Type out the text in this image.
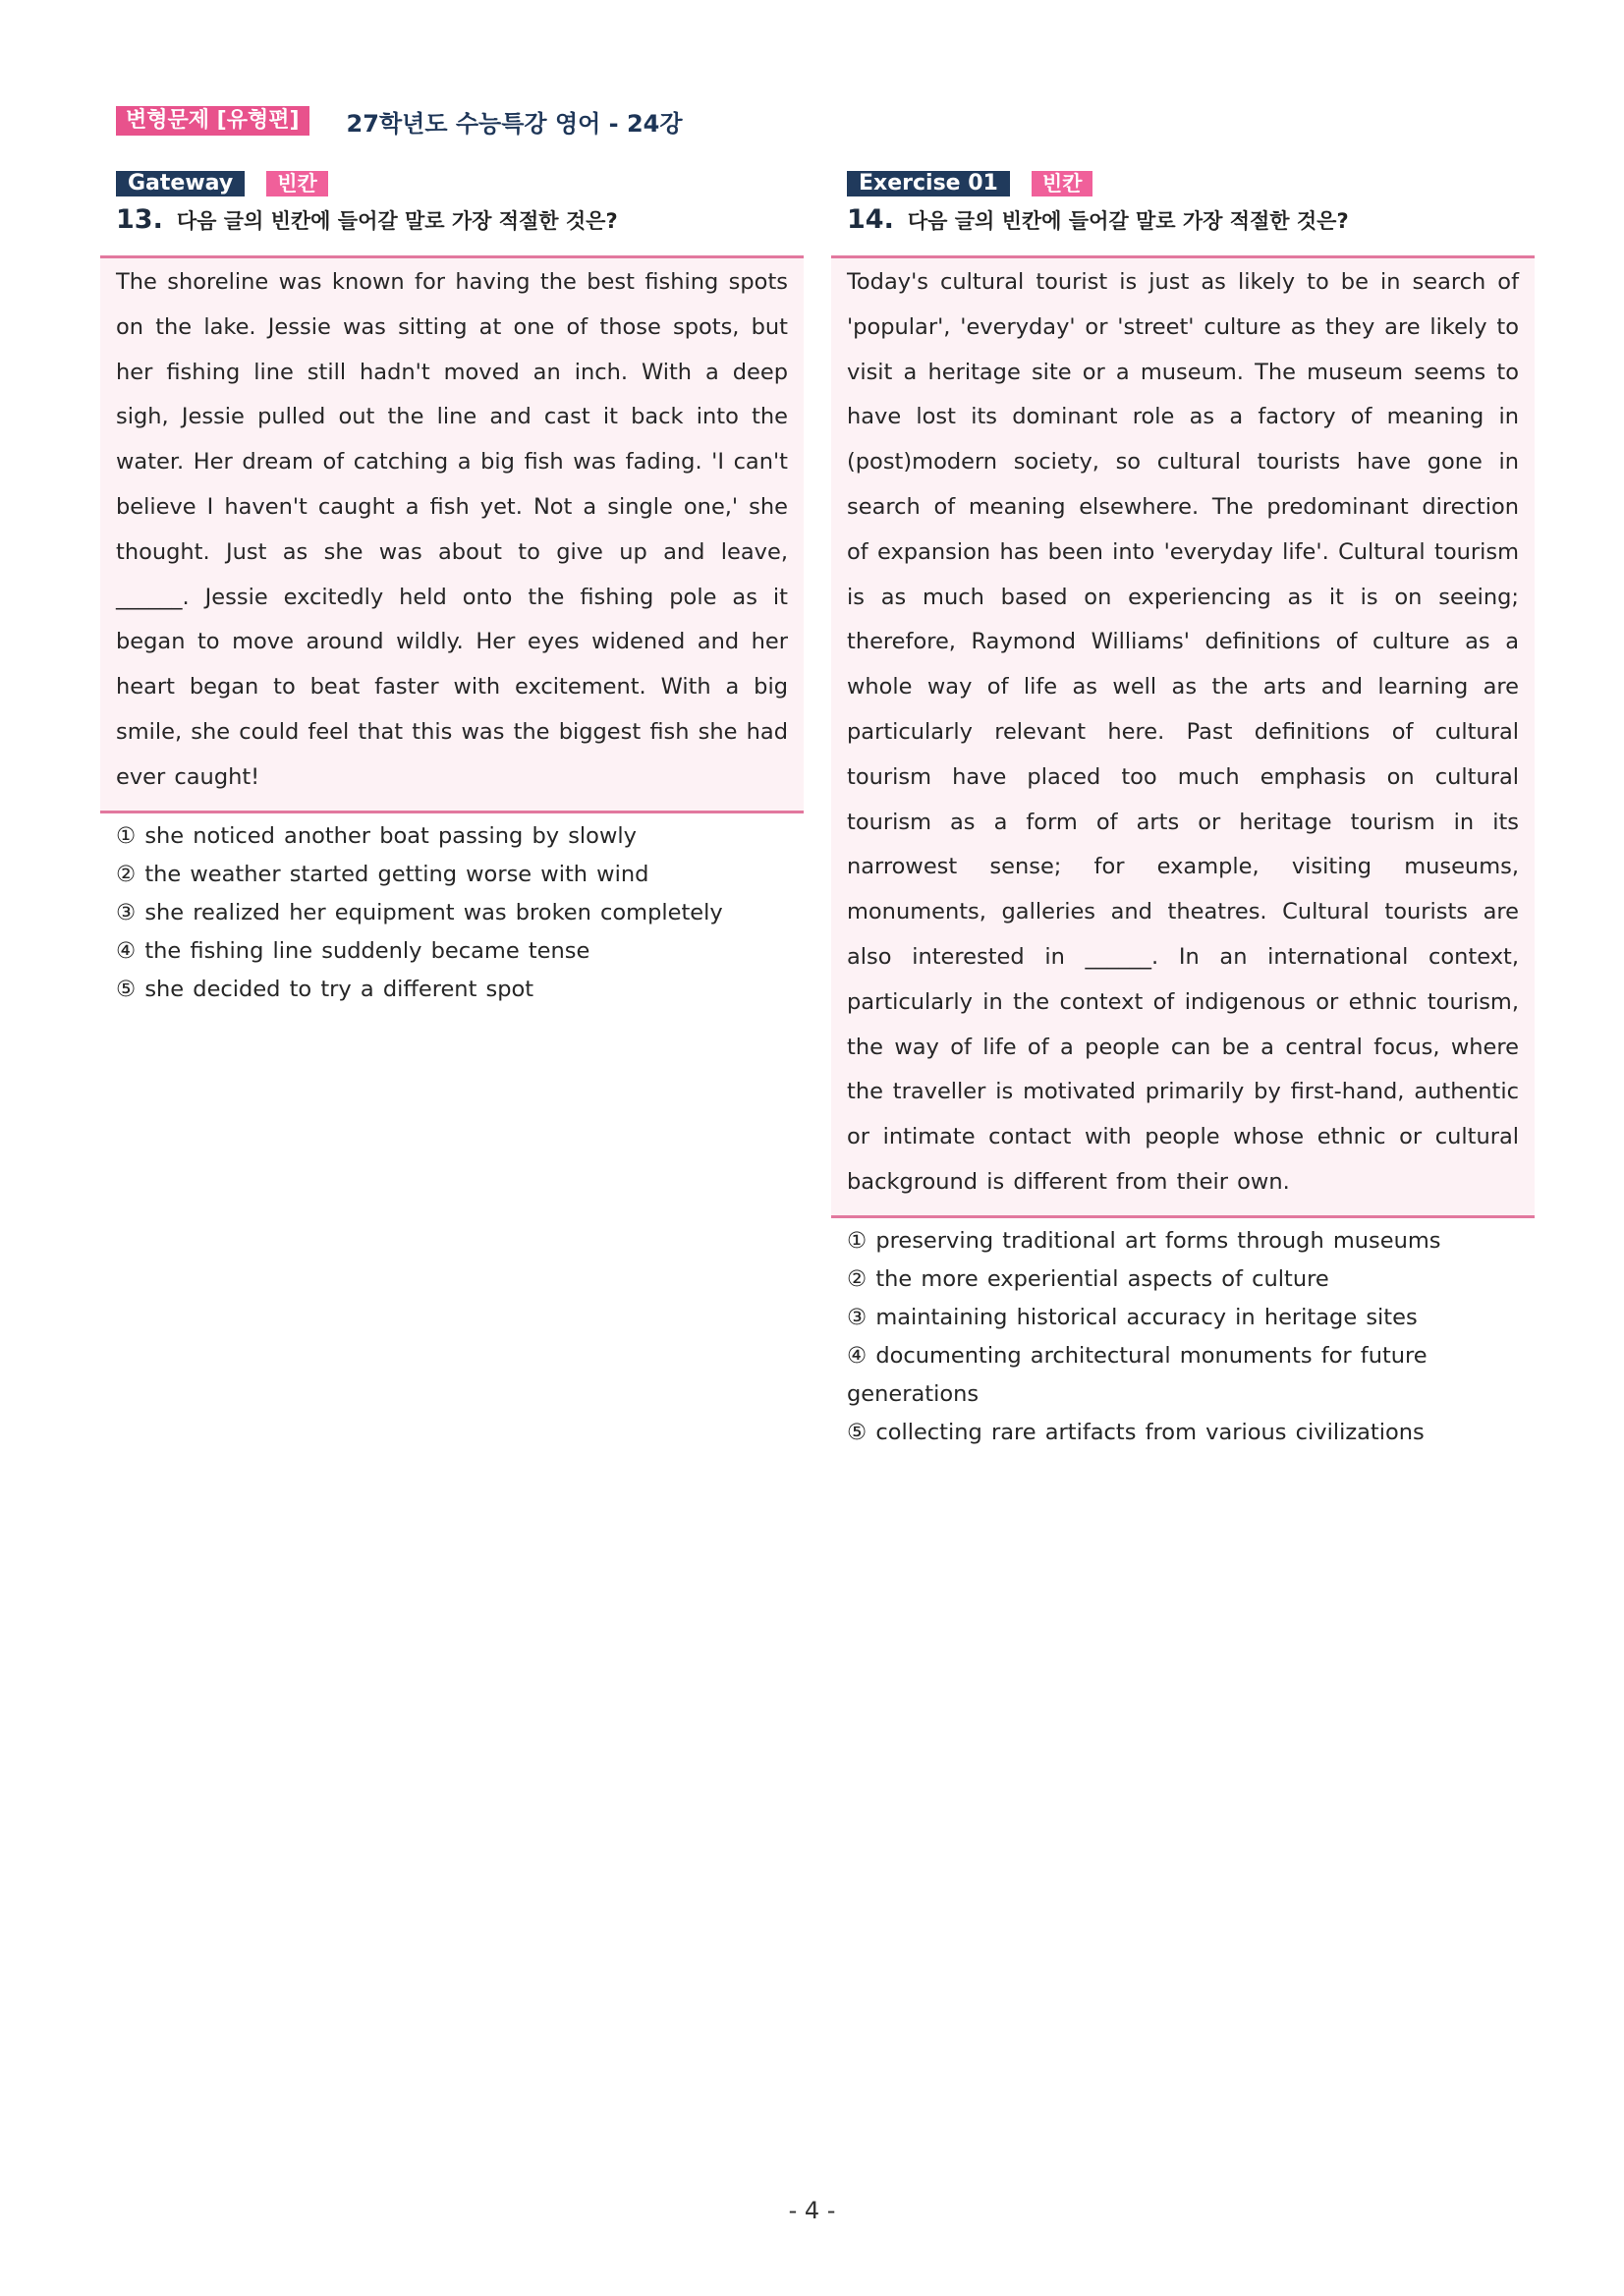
변형문제 [유형편]	27학년도 수능특강 영어 - 24강
Gateway	빈칸
13. 다음 글의 빈칸에 들어갈 말로 가장 적절한 것은?
The shoreline was known for having the best fishing spots on the lake. Jessie was sitting at one of those spots, but her fishing line still hadn't moved an inch. With a deep sigh, Jessie pulled out the line and cast it back into the water. Her dream of catching a big fish was fading. 'I can't believe I haven't caught a fish yet. Not a single one,' she thought. Just as she was about to give up and leave, ______. Jessie excitedly held onto the fishing pole as it began to move around wildly. Her eyes widened and her heart began to beat faster with excitement. With a big smile, she could feel that this was the biggest fish she had ever caught!
① she noticed another boat passing by slowly
② the weather started getting worse with wind
③ she realized her equipment was broken completely
④ the fishing line suddenly became tense
⑤ she decided to try a different spot
Exercise 01	빈칸
14. 다음 글의 빈칸에 들어갈 말로 가장 적절한 것은?
Today's cultural tourist is just as likely to be in search of 'popular', 'everyday' or 'street' culture as they are likely to visit a heritage site or a museum. The museum seems to have lost its dominant role as a factory of meaning in (post)modern society, so cultural tourists have gone in search of meaning elsewhere. The predominant direction of expansion has been into 'everyday life'. Cultural tourism is as much based on experiencing as it is on seeing; therefore, Raymond Williams' definitions of culture as a whole way of life as well as the arts and learning are particularly relevant here. Past definitions of cultural tourism have placed too much emphasis on cultural tourism as a form of arts or heritage tourism in its narrowest sense; for example, visiting museums, monuments, galleries and theatres. Cultural tourists are also interested in ______. In an international context, particularly in the context of indigenous or ethnic tourism, the way of life of a people can be a central focus, where the traveller is motivated primarily by first-hand, authentic or intimate contact with people whose ethnic or cultural background is different from their own.
① preserving traditional art forms through museums
② the more experiential aspects of culture
③ maintaining historical accuracy in heritage sites
④ documenting architectural monuments for future generations
⑤ collecting rare artifacts from various civilizations
- 4 -
